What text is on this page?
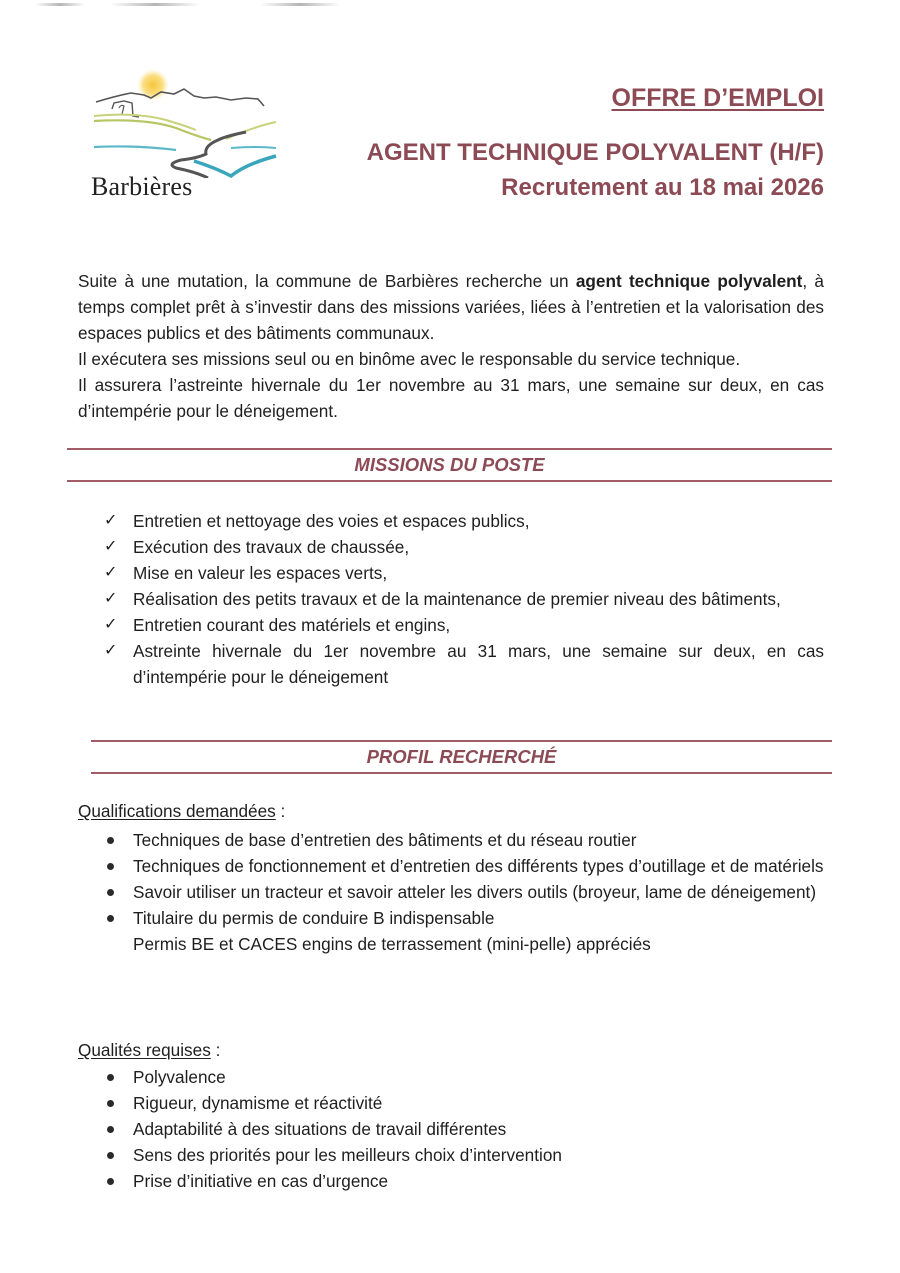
Barbières
OFFRE D’EMPLOI
AGENT TECHNIQUE POLYVALENT (H/F)
Recrutement au 18 mai 2026

Suite à une mutation, la commune de Barbières recherche un agent technique polyvalent, à temps complet prêt à s’investir dans des missions variées, liées à l’entretien et la valorisation des espaces publics et des bâtiments communaux.

Il exécutera ses missions seul ou en binôme avec le responsable du service technique.

Il assurera l’astreinte hivernale du 1er novembre au 31 mars, une semaine sur deux, en cas d’intempérie pour le déneigement.

MISSIONS DU POSTE
✓ Entretien et nettoyage des voies et espaces publics,
✓ Exécution des travaux de chaussée,
✓ Mise en valeur les espaces verts,
✓ Réalisation des petits travaux et de la maintenance de premier niveau des bâtiments,
✓ Entretien courant des matériels et engins,
✓ Astreinte hivernale du 1er novembre au 31 mars, une semaine sur deux, en cas d’intempérie pour le déneigement
PROFIL RECHERCHÉ
Qualifications demandées :
Techniques de base d’entretien des bâtiments et du réseau routier
Techniques de fonctionnement et d’entretien des différents types d’outillage et de matériels
Savoir utiliser un tracteur et savoir atteler les divers outils (broyeur, lame de déneigement)
Titulaire du permis de conduire B indispensable
Permis BE et CACES engins de terrassement (mini-pelle) appréciés
Qualités requises :
Polyvalence
Rigueur, dynamisme et réactivité
Adaptabilité à des situations de travail différentes
Sens des priorités pour les meilleurs choix d’intervention
Prise d’initiative en cas d’urgence
